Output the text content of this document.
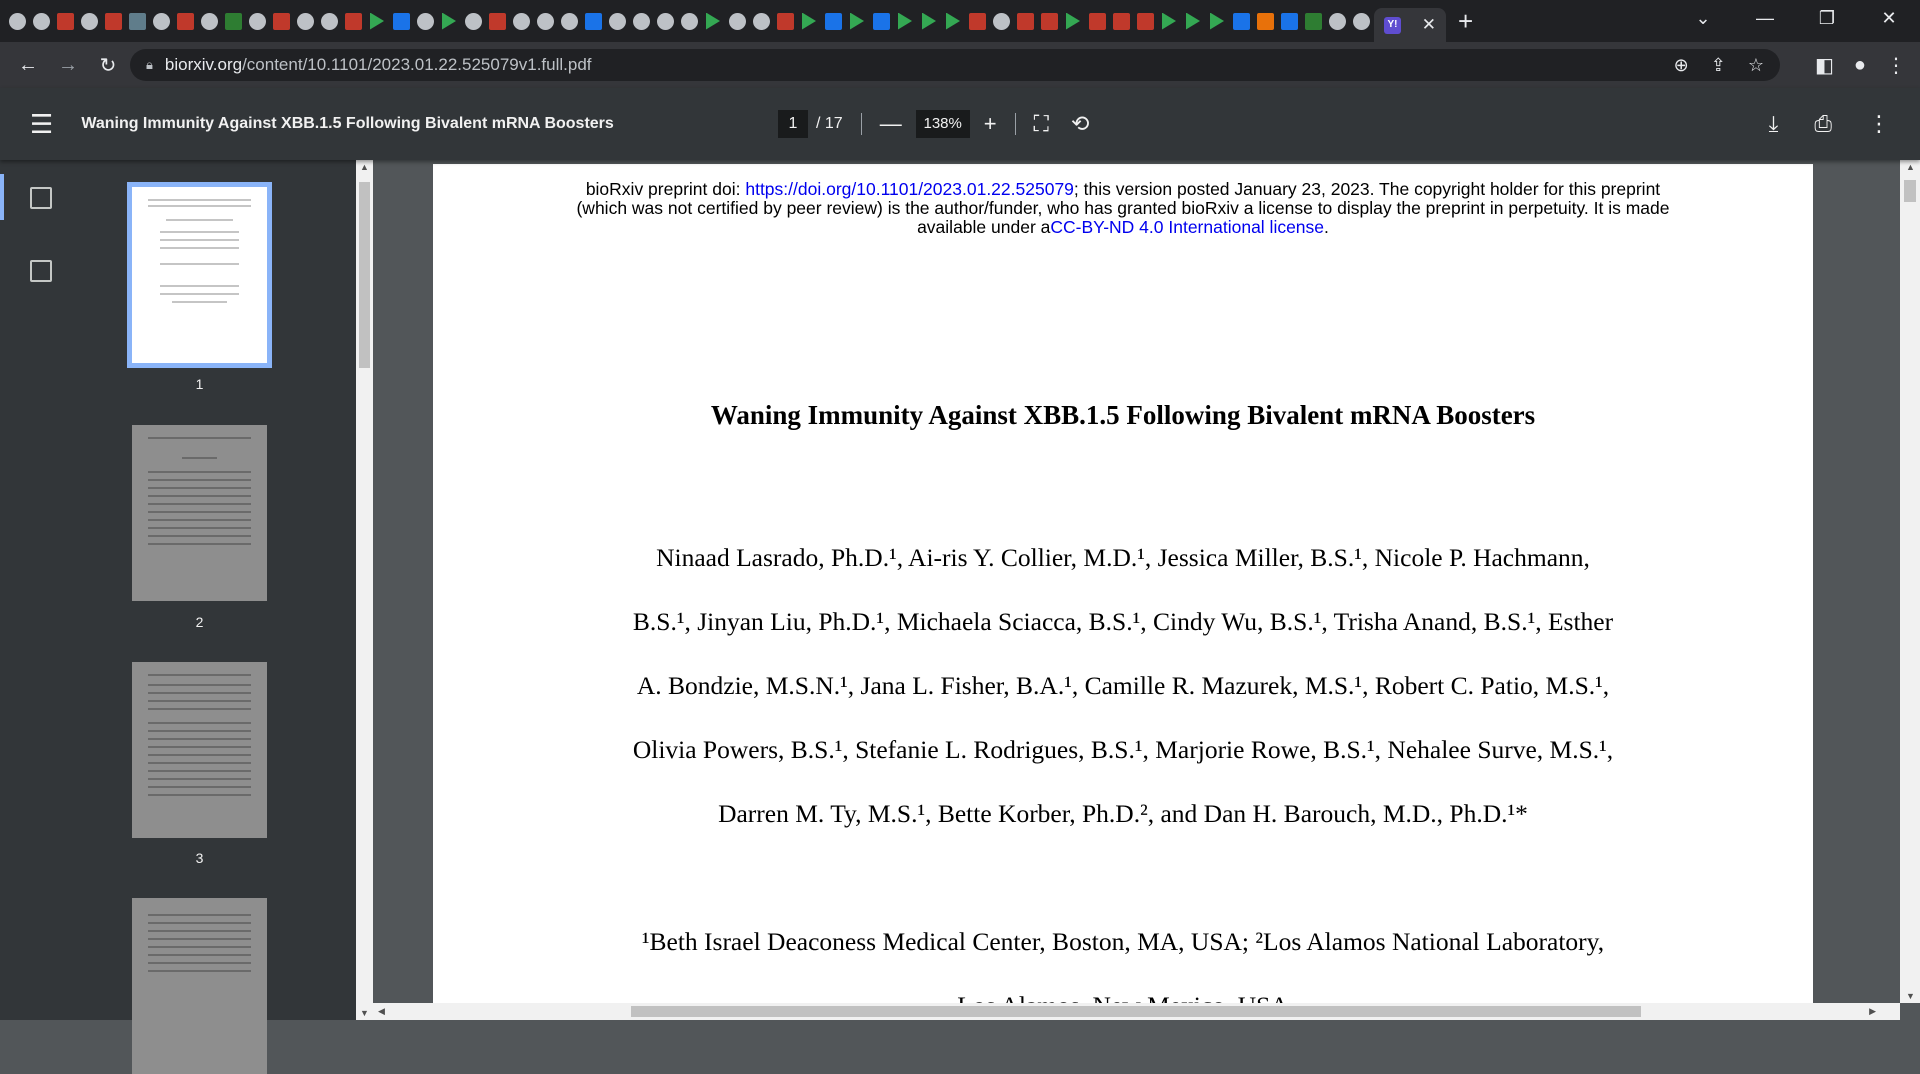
Y! ✕ +	⌄	—	❐	✕
←	→	↻	🔒︎ biorxiv.org/content/10.1101/2023.01.22.525079v1.full.pdf	⊕ ⇪ ☆	◧ ● ⋮
☰ Waning Immunity Against XBB.1.5 Following Bivalent mRNA Boosters	1	/ 17 —	138% + ⛶ ⟲	⤓ ⎙ ⋮
1
2
3
▲
▼
bioRxiv preprint doi: https://doi.org/10.1101/2023.01.22.525079; this version posted January 23, 2023. The copyright holder for this preprint
(which was not certified by peer review) is the author/funder, who has granted bioRxiv a license to display the preprint in perpetuity. It is made
available under aCC-BY-ND 4.0 International license.
Waning Immunity Against XBB.1.5 Following Bivalent mRNA Boosters
Ninaad Lasrado, Ph.D.¹, Ai-ris Y. Collier, M.D.¹, Jessica Miller, B.S.¹, Nicole P. Hachmann,
B.S.¹, Jinyan Liu, Ph.D.¹, Michaela Sciacca, B.S.¹, Cindy Wu, B.S.¹, Trisha Anand, B.S.¹, Esther
A. Bondzie, M.S.N.¹, Jana L. Fisher, B.A.¹, Camille R. Mazurek, M.S.¹, Robert C. Patio, M.S.¹,
Olivia Powers, B.S.¹, Stefanie L. Rodrigues, B.S.¹, Marjorie Rowe, B.S.¹, Nehalee Surve, M.S.¹,
Darren M. Ty, M.S.¹, Bette Korber, Ph.D.², and Dan H. Barouch, M.D., Ph.D.¹*
¹Beth Israel Deaconess Medical Center, Boston, MA, USA; ²Los Alamos National Laboratory,
▲
▼
◀	▶
